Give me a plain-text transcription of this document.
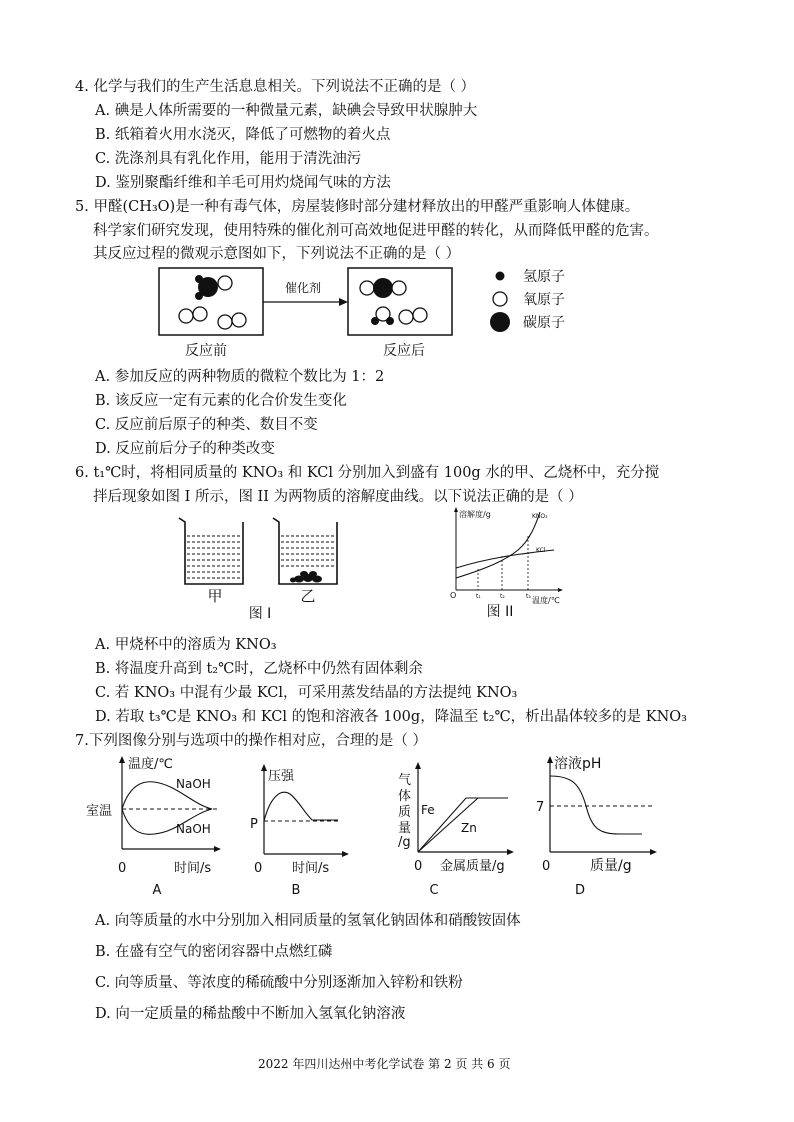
4. 化学与我们的生产生活息息相关。下列说法不正确的是（ ）
A. 碘是人体所需要的一种微量元素，缺碘会导致甲状腺肿大
B. 纸箱着火用水浇灭，降低了可燃物的着火点
C. 洗涤剂具有乳化作用，能用于清洗油污
D. 鉴别聚酯纤维和羊毛可用灼烧闻气味的方法
5. 甲醛(CH₃O)是一种有毒气体，房屋装修时部分建材释放出的甲醛严重影响人体健康。
科学家们研究发现，使用特殊的催化剂可高效地促进甲醛的转化，从而降低甲醛的危害。
其反应过程的微观示意图如下，下列说法不正确的是（ ）
催化剂
反应前	反应后
氢原子
氧原子
碳原子
A. 参加反应的两种物质的微粒个数比为 1：2
B. 该反应一定有元素的化合价发生变化
C. 反应前后原子的种类、数目不变
D. 反应前后分子的种类改变
6. t₁℃时，将相同质量的 KNO₃ 和 KCl 分别加入到盛有 100g 水的甲、乙烧杯中，充分搅
拌后现象如图 I 所示，图 II 为两物质的溶解度曲线。以下说法正确的是（ ）
甲	乙
图 I
溶解度/g
温度/℃
O
KNO₃
KCl
t₁	t₂	t₃
图 II
A. 甲烧杯中的溶质为 KNO₃
B. 将温度升高到 t₂℃时，乙烧杯中仍然有固体剩余
C. 若 KNO₃ 中混有少最 KCl，可采用蒸发结晶的方法提纯 KNO₃
D. 若取 t₃℃是 KNO₃ 和 KCl 的饱和溶液各 100g，降温至 t₂℃，析出晶体较多的是 KNO₃
7.下列图像分别与选项中的操作相对应，合理的是（ ）
温度/℃
室温
NaOH
NaOH
0	时间/s
A
压强
P
0 时间/s
B
气
体
质
量
/g
Fe
Zn
0 金属质量/g
C
溶液pH
7
0	质量/g
D
A. 向等质量的水中分别加入相同质量的氢氧化钠固体和硝酸铵固体
B. 在盛有空气的密闭容器中点燃红磷
C. 向等质量、等浓度的稀硫酸中分别逐渐加入锌粉和铁粉
D. 向一定质量的稀盐酸中不断加入氢氧化钠溶液
2022 年四川达州中考化学试卷 第 2 页 共 6 页
